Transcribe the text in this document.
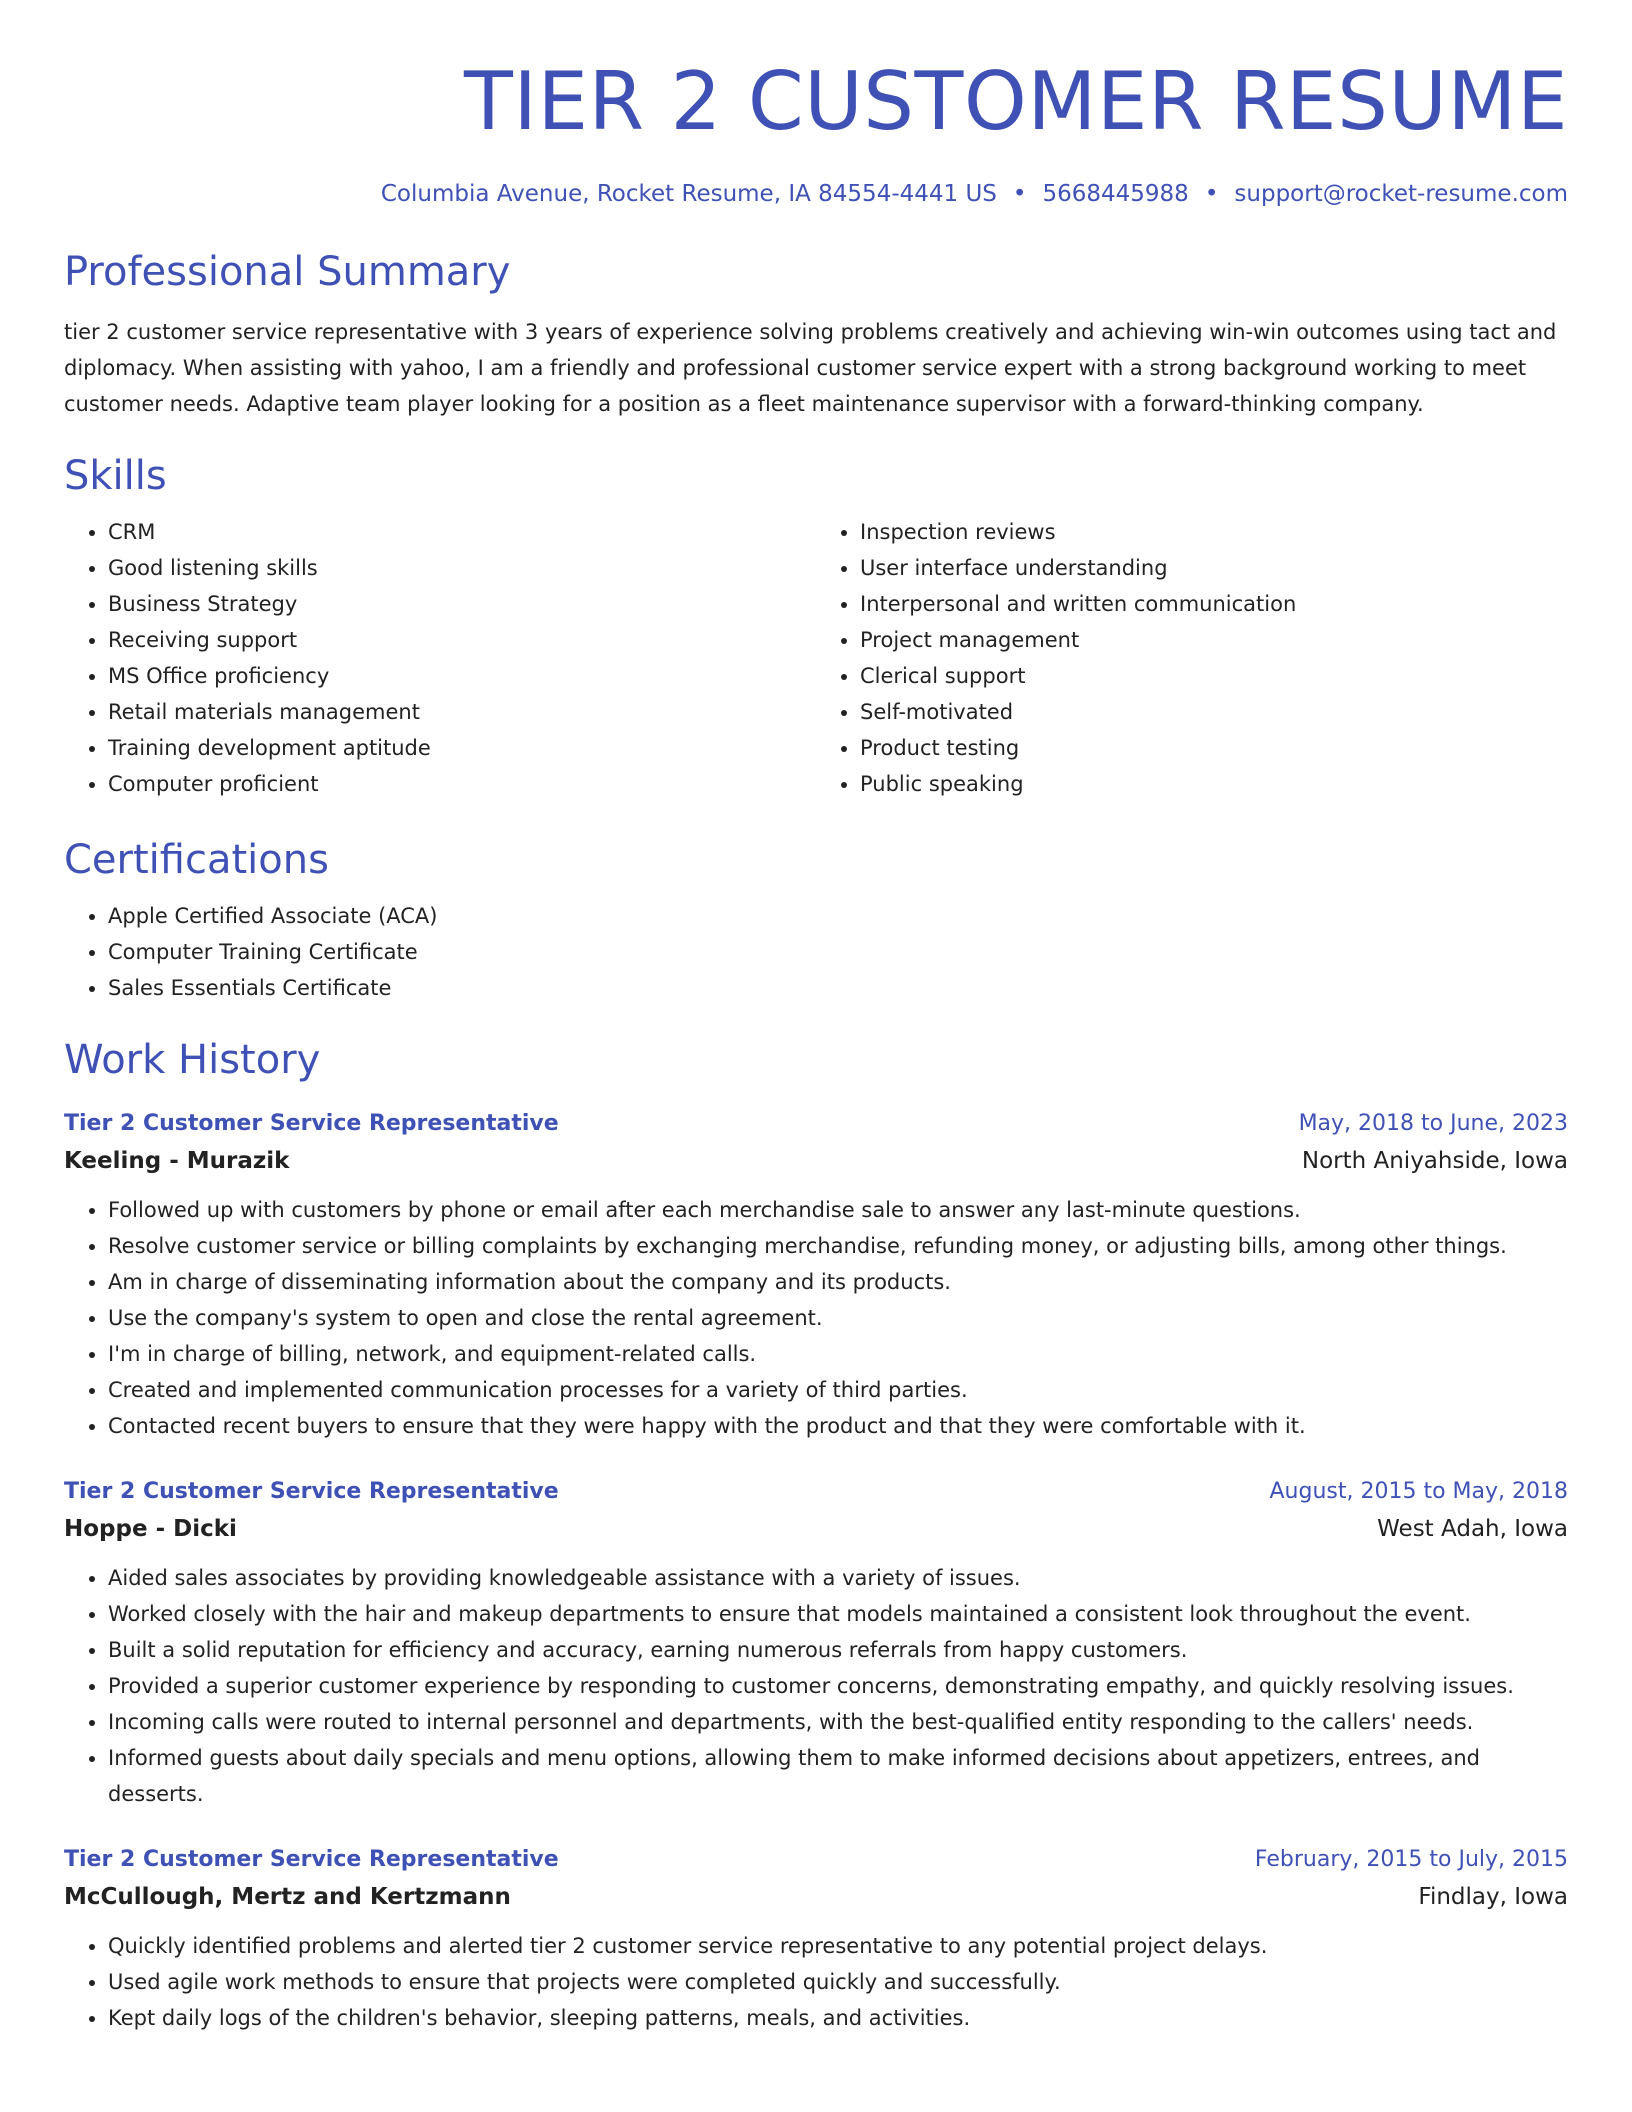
TIER 2 CUSTOMER RESUME
Columbia Avenue, Rocket Resume, IA 84554-4441 US • 5668445988 • support@rocket-resume.com
Professional Summary
tier 2 customer service representative with 3 years of experience solving problems creatively and achieving win-win outcomes using tact and diplomacy. When assisting with yahoo, I am a friendly and professional customer service expert with a strong background working to meet customer needs. Adaptive team player looking for a position as a fleet maintenance supervisor with a forward-thinking company.
Skills
• CRM
• Good listening skills
• Business Strategy
• Receiving support
• MS Office proficiency
• Retail materials management
• Training development aptitude
• Computer proficient
• Inspection reviews
• User interface understanding
• Interpersonal and written communication
• Project management
• Clerical support
• Self-motivated
• Product testing
• Public speaking
Certifications
• Apple Certified Associate (ACA)
• Computer Training Certificate
• Sales Essentials Certificate
Work History
Tier 2 Customer Service Representative	May, 2018 to June, 2023
Keeling - Murazik	North Aniyahside, Iowa
• Followed up with customers by phone or email after each merchandise sale to answer any last-minute questions.
• Resolve customer service or billing complaints by exchanging merchandise, refunding money, or adjusting bills, among other things.
• Am in charge of disseminating information about the company and its products.
• Use the company's system to open and close the rental agreement.
• I'm in charge of billing, network, and equipment-related calls.
• Created and implemented communication processes for a variety of third parties.
• Contacted recent buyers to ensure that they were happy with the product and that they were comfortable with it.
Tier 2 Customer Service Representative	August, 2015 to May, 2018
Hoppe - Dicki	West Adah, Iowa
• Aided sales associates by providing knowledgeable assistance with a variety of issues.
• Worked closely with the hair and makeup departments to ensure that models maintained a consistent look throughout the event.
• Built a solid reputation for efficiency and accuracy, earning numerous referrals from happy customers.
• Provided a superior customer experience by responding to customer concerns, demonstrating empathy, and quickly resolving issues.
• Incoming calls were routed to internal personnel and departments, with the best-qualified entity responding to the callers' needs.
• Informed guests about daily specials and menu options, allowing them to make informed decisions about appetizers, entrees, and desserts.
Tier 2 Customer Service Representative	February, 2015 to July, 2015
McCullough, Mertz and Kertzmann	Findlay, Iowa
• Quickly identified problems and alerted tier 2 customer service representative to any potential project delays.
• Used agile work methods to ensure that projects were completed quickly and successfully.
• Kept daily logs of the children's behavior, sleeping patterns, meals, and activities.
